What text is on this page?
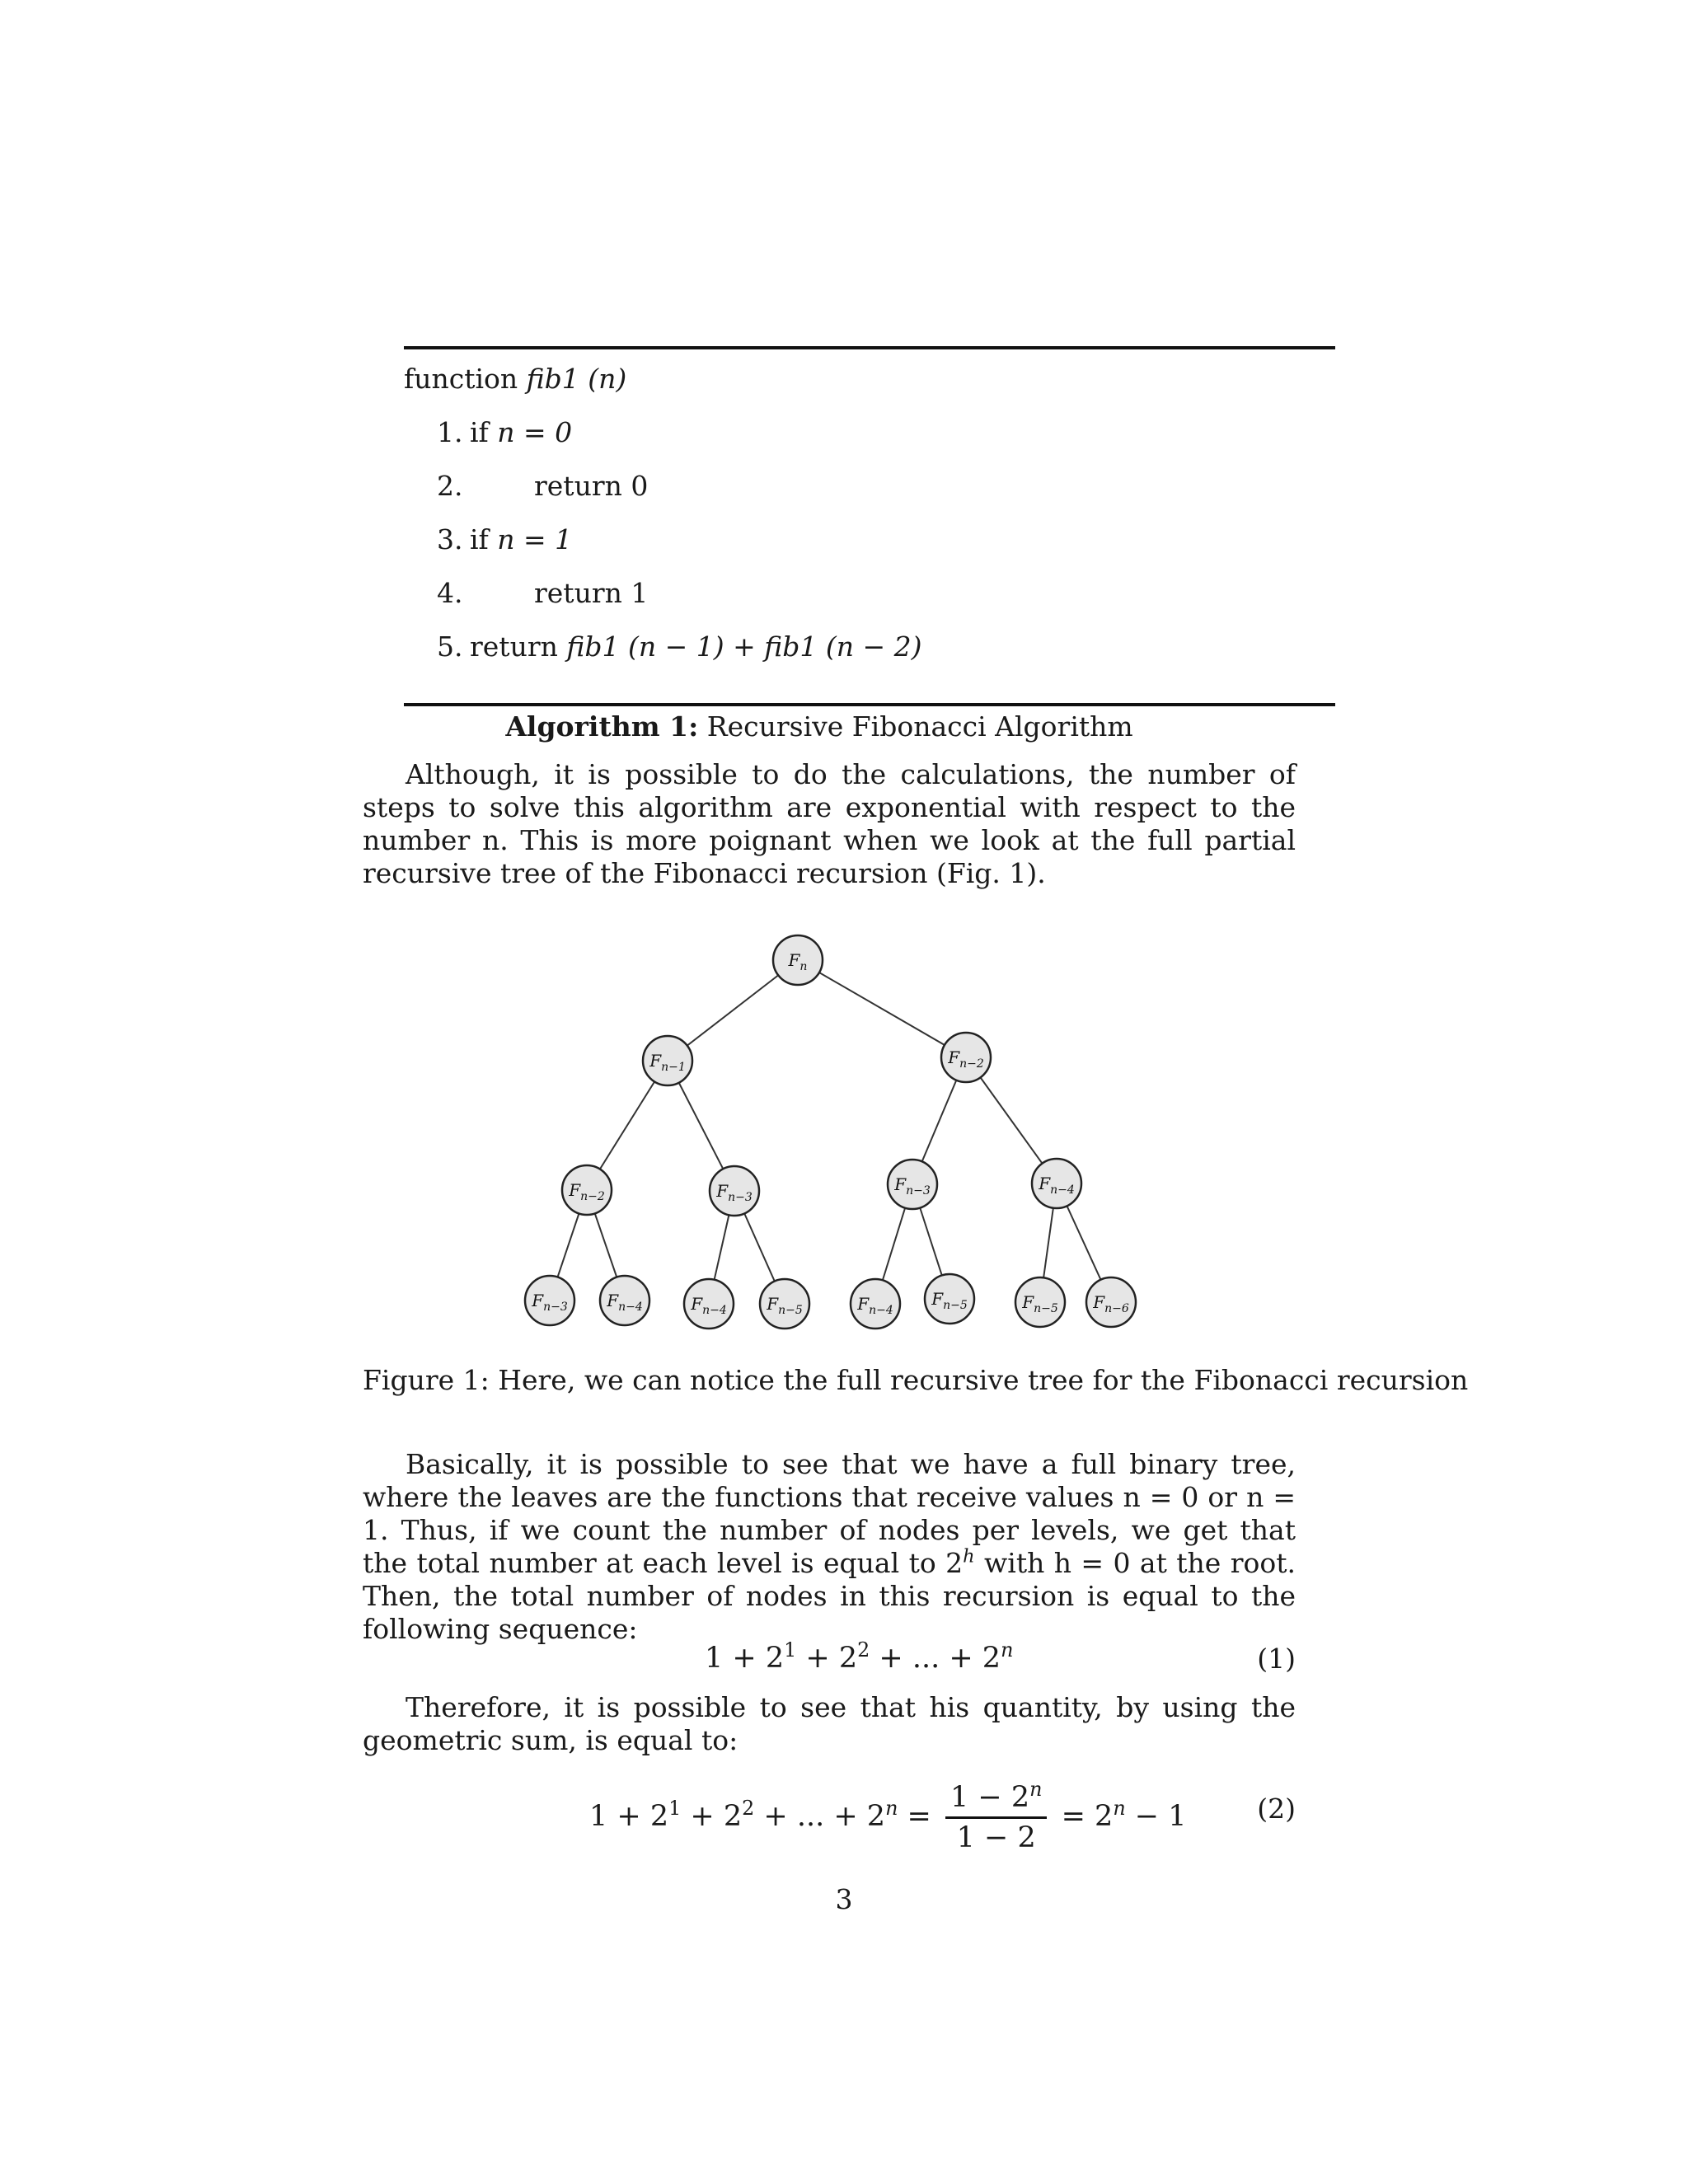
function fib1 (n)
1. if n = 0
2.	return 0
3. if n = 1
4.	return 1
5. return fib1 (n − 1) + fib1 (n − 2)
Algorithm 1: Recursive Fibonacci Algorithm

Although, it is possible to do the calculations, the number of steps to solve this algorithm are exponential with respect to the number n. This is more poignant when we look at the full partial recursive tree of the Fibonacci recursion (Fig. 1).

$F_n$
$F_{n-1}$	$F_{n-2}$
$F_{n-2}$	$F_{n-3}$
$F_{n-3}$	$F_{n-4}$
$F_{n-3}$ $F_{n-4}$	$F_{n-4}$ $F_{n-5}$	$F_{n-4}$
$F_{n-5}$	$F_{n-5}$ $F_{n-6}$
Figure 1: Here, we can notice the full recursive tree for the Fibonacci recursion

Basically, it is possible to see that we have a full binary tree, where the leaves are the functions that receive values n = 0 or n = 1. Thus, if we count the number of nodes per levels, we get that the total number at each level is equal to 2$^h$ with h = 0 at the root. Then, the total number of nodes in this recursion is equal to the following sequence:

$1 + 2^1 + 2^2$ + ... + $2^n$	(1)

Therefore, it is possible to see that his quantity, by using the geometric sum, is equal to:

$1 + 2^1 + 2^2$ + ... + $2^n = \frac{1 - 2^n}{1 - 2} = 2^n - 1$	(2)
3
